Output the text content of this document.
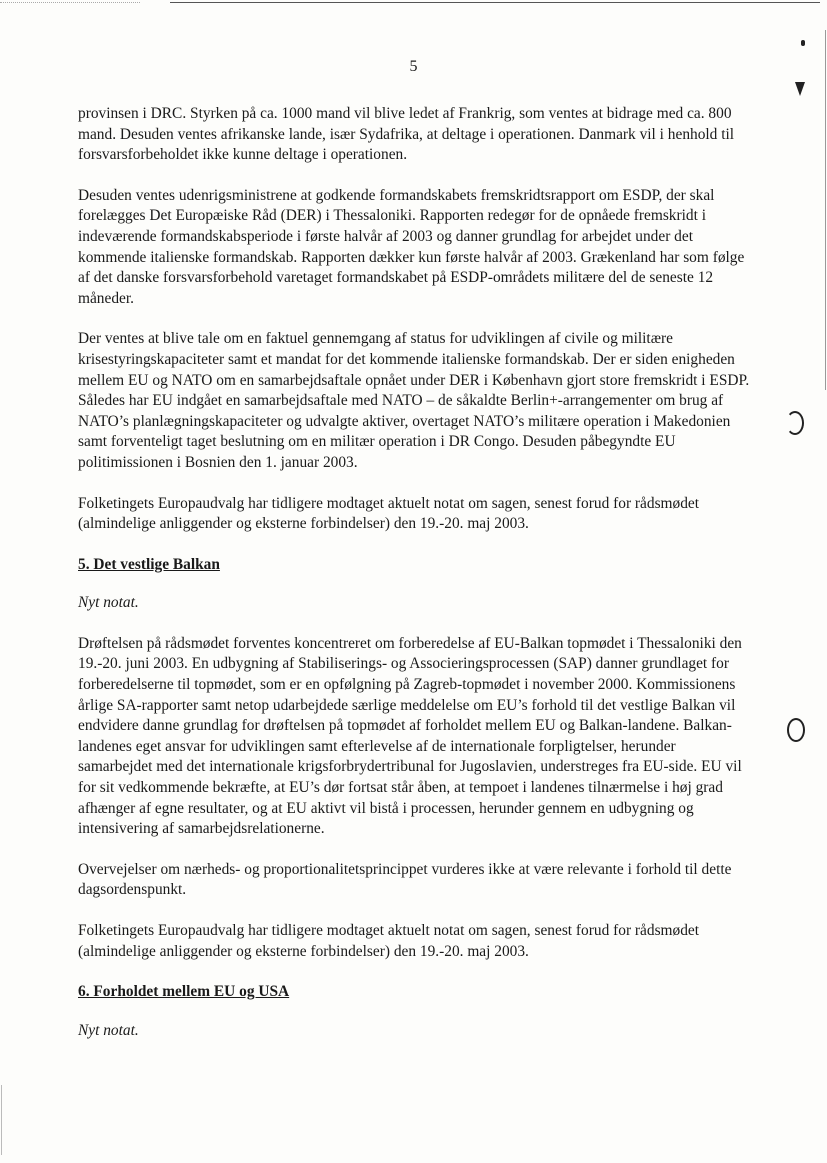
5

provinsen i DRC. Styrken på ca. 1000 mand vil blive ledet af Frankrig, som ventes at bidrage med ca. 800 mand. Desuden ventes afrikanske lande, især Sydafrika, at deltage i operationen. Danmark vil i henhold til forsvarsforbeholdet ikke kunne deltage i operationen.

Desuden ventes udenrigsministrene at godkende formandskabets fremskridtsrapport om ESDP, der skal forelægges Det Europæiske Råd (DER) i Thessaloniki. Rapporten redegør for de opnåede fremskridt i indeværende formandskabsperiode i første halvår af 2003 og danner grundlag for arbejdet under det kommende italienske formandskab. Rapporten dækker kun første halvår af 2003. Grækenland har som følge af det danske forsvarsforbehold varetaget formandskabet på ESDP-områdets militære del de seneste 12 måneder.

Der ventes at blive tale om en faktuel gennemgang af status for udviklingen af civile og militære krisestyringskapaciteter samt et mandat for det kommende italienske formandskab. Der er siden enigheden mellem EU og NATO om en samarbejdsaftale opnået under DER i København gjort store fremskridt i ESDP. Således har EU indgået en samarbejdsaftale med NATO – de såkaldte Berlin+-arrangementer om brug af NATO’s planlægningskapaciteter og udvalgte aktiver, overtaget NATO’s militære operation i Makedonien samt forventeligt taget beslutning om en militær operation i DR Congo. Desuden påbegyndte EU politimissionen i Bosnien den 1. januar 2003.

Folketingets Europaudvalg har tidligere modtaget aktuelt notat om sagen, senest forud for rådsmødet (almindelige anliggender og eksterne forbindelser) den 19.-20. maj 2003.

5. Det vestlige Balkan

Nyt notat.

Drøftelsen på rådsmødet forventes koncentreret om forberedelse af EU-Balkan topmødet i Thessaloniki den 19.-20. juni 2003. En udbygning af Stabiliserings- og Associeringsprocessen (SAP) danner grundlaget for forberedelserne til topmødet, som er en opfølgning på Zagreb-topmødet i november 2000. Kommissionens årlige SA-rapporter samt netop udarbejdede særlige meddelelse om EU’s forhold til det vestlige Balkan vil endvidere danne grundlag for drøftelsen på topmødet af forholdet mellem EU og Balkan-landene. Balkan-landenes eget ansvar for udviklingen samt efterlevelse af de internationale forpligtelser, herunder samarbejdet med det internationale krigsforbrydertribunal for Jugoslavien, understreges fra EU-side. EU vil for sit vedkommende bekræfte, at EU’s dør fortsat står åben, at tempoet i landenes tilnærmelse i høj grad afhænger af egne resultater, og at EU aktivt vil bistå i processen, herunder gennem en udbygning og intensivering af samarbejdsrelationerne.

Overvejelser om nærheds- og proportionalitetsprincippet vurderes ikke at være relevante i forhold til dette dagsordenspunkt.

Folketingets Europaudvalg har tidligere modtaget aktuelt notat om sagen, senest forud for rådsmødet (almindelige anliggender og eksterne forbindelser) den 19.-20. maj 2003.

6. Forholdet mellem EU og USA

Nyt notat.
